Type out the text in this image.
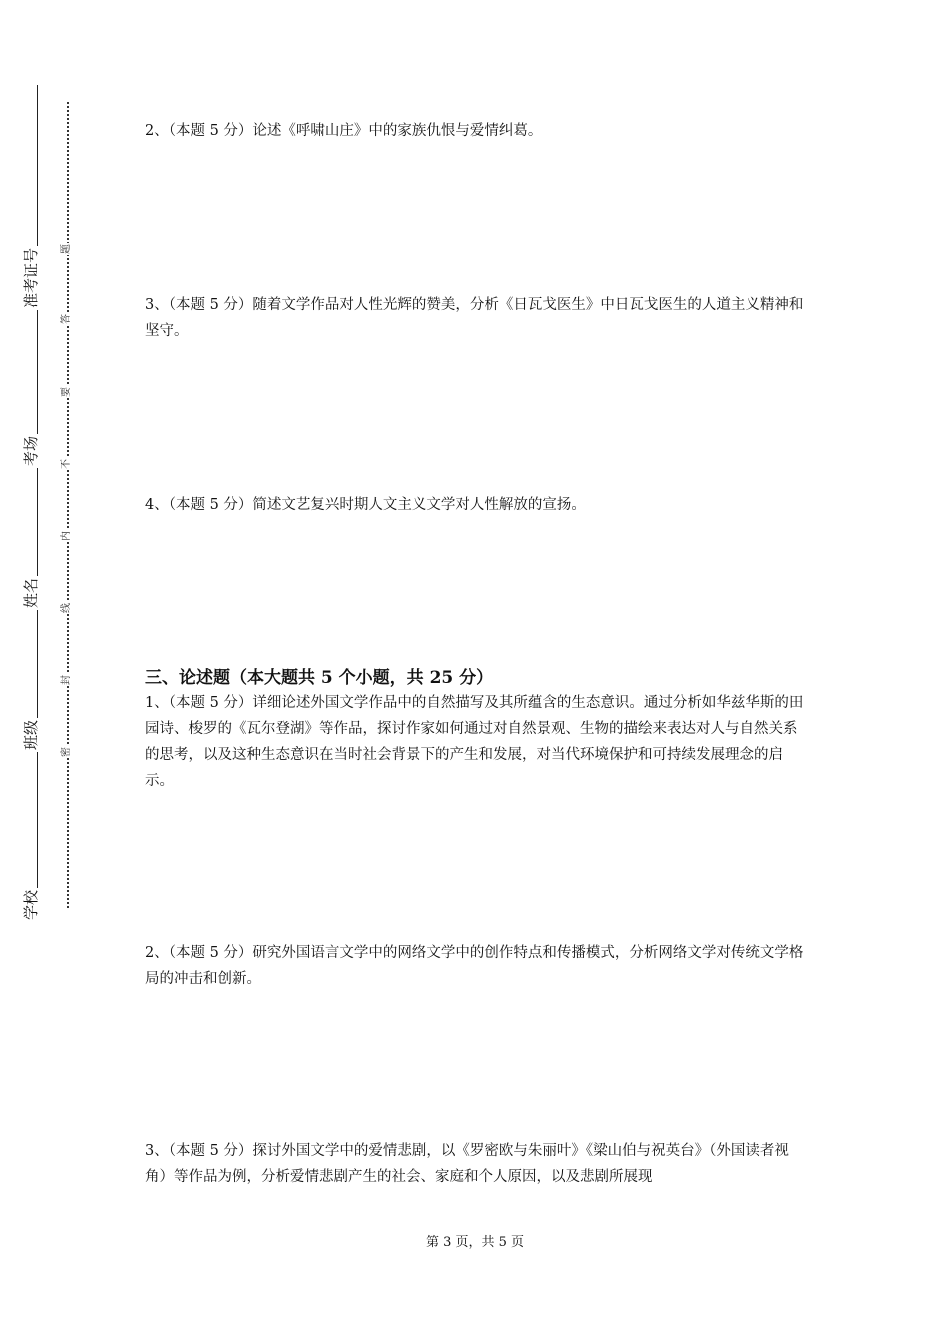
准考证号
考场
姓名
班级
学校
题
答
要
不
内
线
封
密

2、（本题 5 分）论述《呼啸山庄》中的家族仇恨与爱情纠葛。

3、（本题 5 分）随着文学作品对人性光辉的赞美，分析《日瓦戈医生》中日瓦戈医生的人道主义精神和坚守。

4、（本题 5 分）简述文艺复兴时期人文主义文学对人性解放的宣扬。

三、论述题（本大题共 5 个小题，共 25 分）

1、（本题 5 分）详细论述外国文学作品中的自然描写及其所蕴含的生态意识。通过分析如华兹华斯的田园诗、梭罗的《瓦尔登湖》等作品，探讨作家如何通过对自然景观、生物的描绘来表达对人与自然关系的思考，以及这种生态意识在当时社会背景下的产生和发展，对当代环境保护和可持续发展理念的启示。

2、（本题 5 分）研究外国语言文学中的网络文学中的创作特点和传播模式，分析网络文学对传统文学格局的冲击和创新。

3、（本题 5 分）探讨外国文学中的爱情悲剧，以《罗密欧与朱丽叶》《梁山伯与祝英台》（外国读者视角）等作品为例，分析爱情悲剧产生的社会、家庭和个人原因，以及悲剧所展现

第 3 页，共 5 页
